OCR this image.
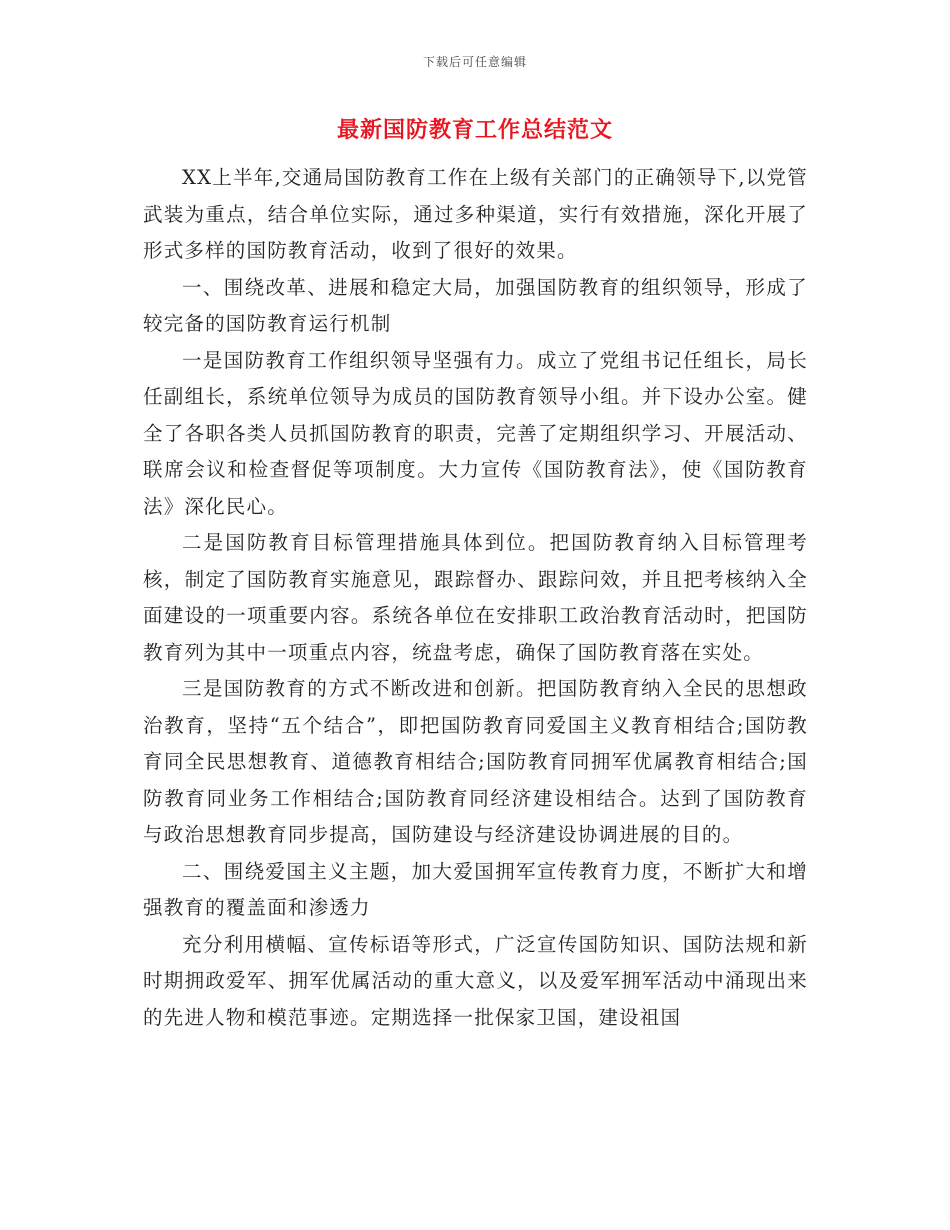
下载后可任意编辑
最新国防教育工作总结范文

XX上半年,交通局国防教育工作在上级有关部门的正确领导下,以党管武装为重点，结合单位实际，通过多种渠道，实行有效措施，深化开展了形式多样的国防教育活动，收到了很好的效果。

一、围绕改革、进展和稳定大局，加强国防教育的组织领导，形成了较完备的国防教育运行机制

一是国防教育工作组织领导坚强有力。成立了党组书记任组长，局长任副组长，系统单位领导为成员的国防教育领导小组。并下设办公室。健全了各职各类人员抓国防教育的职责，完善了定期组织学习、开展活动、联席会议和检查督促等项制度。大力宣传《国防教育法》，使《国防教育法》深化民心。

二是国防教育目标管理措施具体到位。把国防教育纳入目标管理考核，制定了国防教育实施意见，跟踪督办、跟踪问效，并且把考核纳入全面建设的一项重要内容。系统各单位在安排职工政治教育活动时，把国防教育列为其中一项重点内容，统盘考虑，确保了国防教育落在实处。

三是国防教育的方式不断改进和创新。把国防教育纳入全民的思想政治教育，坚持“五个结合”，即把国防教育同爱国主义教育相结合;国防教育同全民思想教育、道德教育相结合;国防教育同拥军优属教育相结合;国防教育同业务工作相结合;国防教育同经济建设相结合。达到了国防教育与政治思想教育同步提高，国防建设与经济建设协调进展的目的。

二、围绕爱国主义主题，加大爱国拥军宣传教育力度，不断扩大和增强教育的覆盖面和渗透力

充分利用横幅、宣传标语等形式，广泛宣传国防知识、国防法规和新时期拥政爱军、拥军优属活动的重大意义，以及爱军拥军活动中涌现出来的先进人物和模范事迹。定期选择一批保家卫国，建设祖国
